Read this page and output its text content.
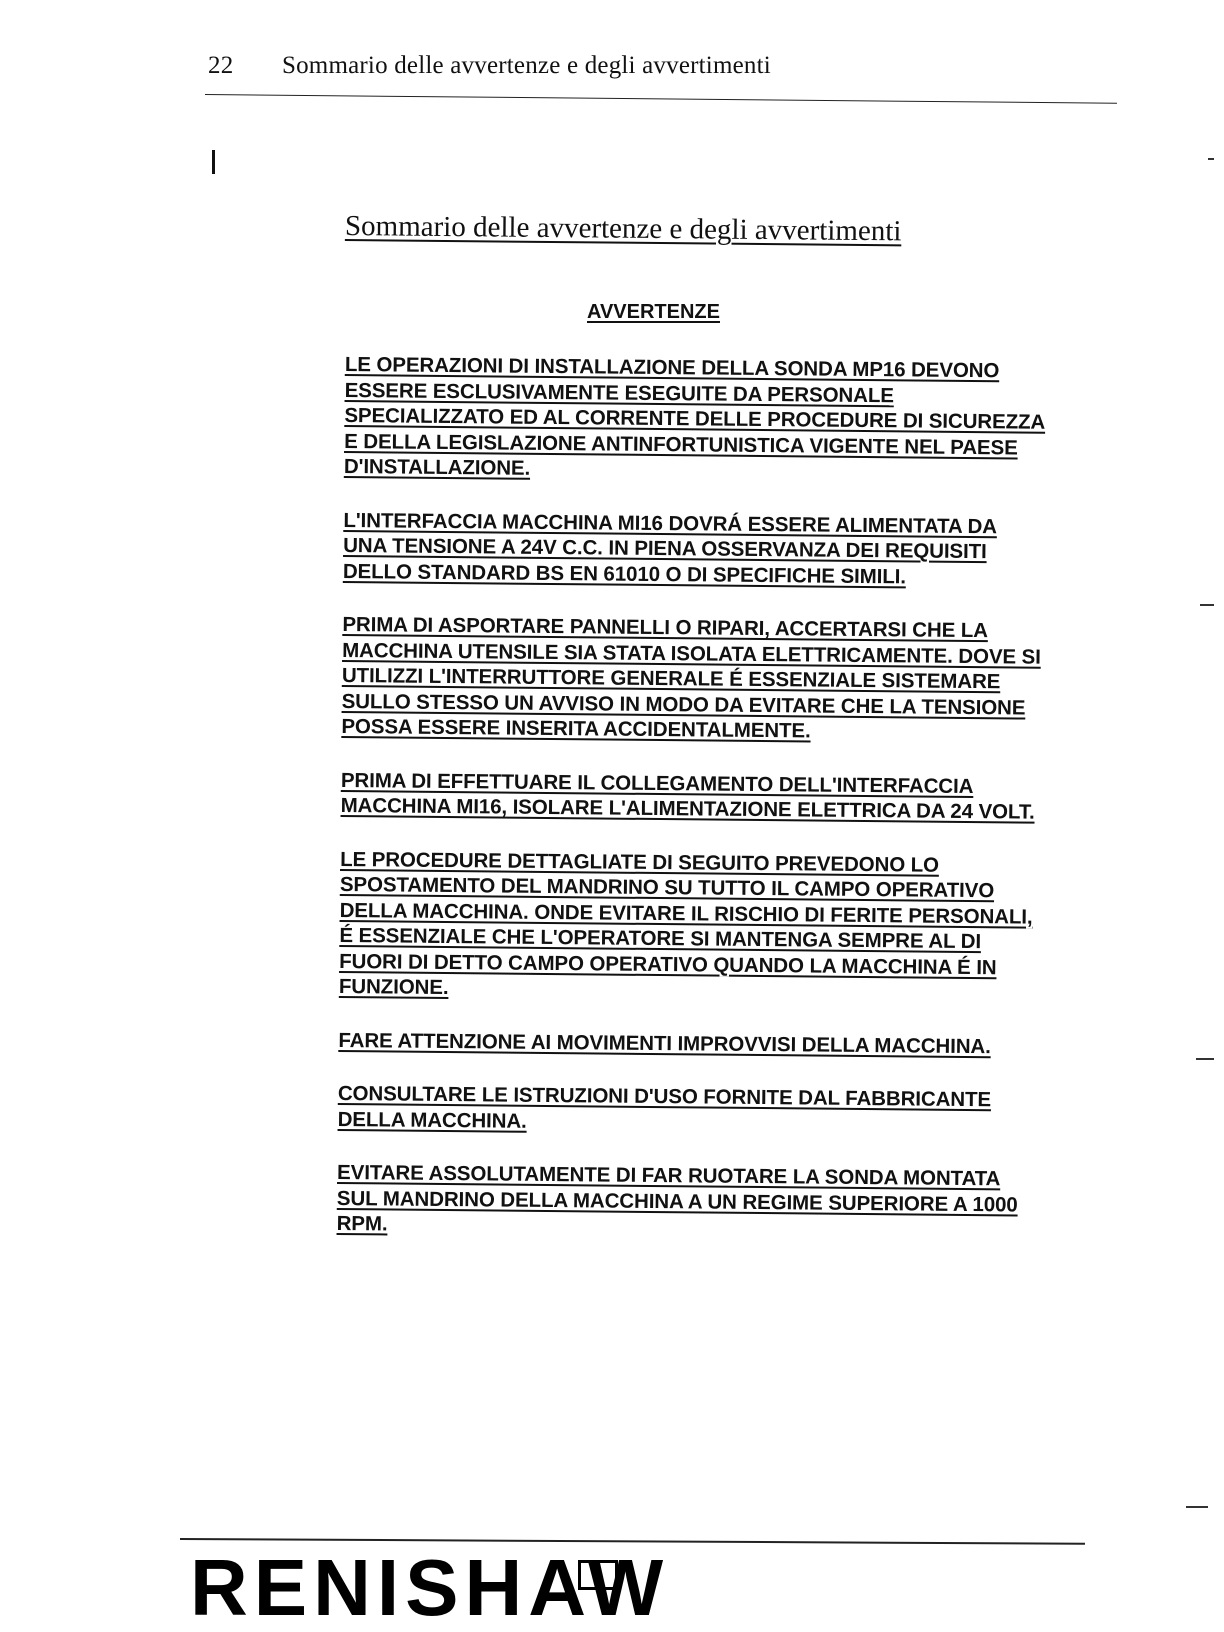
22 Sommario delle avvertenze e degli avvertimenti
Sommario delle avvertenze e degli avvertimenti
AVVERTENZE
LE OPERAZIONI DI INSTALLAZIONE DELLA SONDA MP16 DEVONO
ESSERE ESCLUSIVAMENTE ESEGUITE DA PERSONALE
SPECIALIZZATO ED AL CORRENTE DELLE PROCEDURE DI SICUREZZA
E DELLA LEGISLAZIONE ANTINFORTUNISTICA VIGENTE NEL PAESE
D'INSTALLAZIONE.
L'INTERFACCIA MACCHINA MI16 DOVRÁ ESSERE ALIMENTATA DA
UNA TENSIONE A 24V C.C. IN PIENA OSSERVANZA DEI REQUISITI
DELLO STANDARD BS EN 61010 O DI SPECIFICHE SIMILI.
PRIMA DI ASPORTARE PANNELLI O RIPARI, ACCERTARSI CHE LA
MACCHINA UTENSILE SIA STATA ISOLATA ELETTRICAMENTE. DOVE SI
UTILIZZI L'INTERRUTTORE GENERALE É ESSENZIALE SISTEMARE
SULLO STESSO UN AVVISO IN MODO DA EVITARE CHE LA TENSIONE
POSSA ESSERE INSERITA ACCIDENTALMENTE.
PRIMA DI EFFETTUARE IL COLLEGAMENTO DELL'INTERFACCIA
MACCHINA MI16, ISOLARE L'ALIMENTAZIONE ELETTRICA DA 24 VOLT.
LE PROCEDURE DETTAGLIATE DI SEGUITO PREVEDONO LO
SPOSTAMENTO DEL MANDRINO SU TUTTO IL CAMPO OPERATIVO
DELLA MACCHINA. ONDE EVITARE IL RISCHIO DI FERITE PERSONALI,
É ESSENZIALE CHE L'OPERATORE SI MANTENGA SEMPRE AL DI
FUORI DI DETTO CAMPO OPERATIVO QUANDO LA MACCHINA É IN
FUNZIONE.
FARE ATTENZIONE AI MOVIMENTI IMPROVVISI DELLA MACCHINA.
CONSULTARE LE ISTRUZIONI D'USO FORNITE DAL FABBRICANTE
DELLA MACCHINA.
EVITARE ASSOLUTAMENTE DI FAR RUOTARE LA SONDA MONTATA
SUL MANDRINO DELLA MACCHINA A UN REGIME SUPERIORE A 1000
RPM.
RENISHAW
